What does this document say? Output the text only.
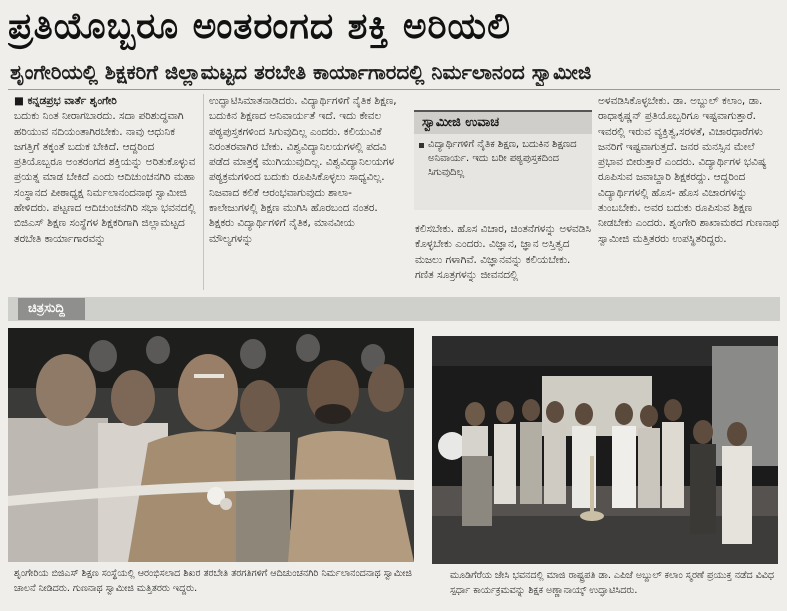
ಪ್ರತಿಯೊಬ್ಬರೂ ಅಂತರಂಗದ ಶಕ್ತಿ ಅರಿಯಲಿ
ಶೃಂಗೇರಿಯಲ್ಲಿ ಶಿಕ್ಷಕರಿಗೆ ಜಿಲ್ಲಾಮಟ್ಟದ ತರಬೇತಿ ಕಾರ್ಯಾಗಾರದಲ್ಲಿ ನಿರ್ಮಲಾನಂದ ಸ್ವಾಮೀಜಿ

■ ಕನ್ನಡಪ್ರಭ ವಾರ್ತೆ ಶೃಂಗೇರಿ

ಬದುಕು ನಿಂತ ನೀರಾಗಬಾರದು. ಸದಾ ಪರಿಶುದ್ಧವಾಗಿ ಹರಿಯುವ ನದಿಯಂತಾಗಿರಬೇಕು. ನಾವು ಆಧುನಿಕ ಜಗತ್ತಿಗೆ ತಕ್ಕಂತೆ ಬದುಕ ಬೇಕಿದೆ. ಆದ್ದರಿಂದ ಪ್ರತಿಯೊಬ್ಬರೂ ಅಂತರಂಗದ ಶಕ್ತಿಯನ್ನು ಅರಿತುಕೊಳ್ಳುವ ಪ್ರಯತ್ನ ಮಾಡ ಬೇಕಿದೆ ಎಂದು ಆದಿಚುಂಚನಗಿರಿ ಮಹಾ ಸಂಸ್ಥಾನದ ಪೀಠಾಧ್ಯಕ್ಷ ನಿರ್ಮಲಾನಂದನಾಥ ಸ್ವಾಮೀಜಿ ಹೇಳಿದರು. ಪಟ್ಟಣದ ಆದಿಚುಂಚನಗಿರಿ ಸಭಾ ಭವನದಲ್ಲಿ ಬಿಜಿಎಸ್ ಶಿಕ್ಷಣ ಸಂಸ್ಥೆಗಳ ಶಿಕ್ಷಕರಿಗಾಗಿ ಜಿಲ್ಲಾಮಟ್ಟದ ತರಬೇತಿ ಕಾರ್ಯಾಗಾರವನ್ನು

ಉದ್ಘಾಟಿಸಿಮಾತನಾಡಿದರು. ವಿದ್ಯಾರ್ಥಿಗಳಿಗೆ ನೈತಿಕ ಶಿಕ್ಷಣ, ಬದುಕಿನ ಶಿಕ್ಷಣದ ಅನಿವಾರ್ಯತೆ ಇದೆ. ಇದು ಕೇವಲ ಪಠ್ಯಪುಸ್ತಕಗಳಿಂದ ಸಿಗುವುದಿಲ್ಲ ಎಂದರು. ಕಲಿಯುವಿಕೆ ನಿರಂತರವಾಗಿರ ಬೇಕು. ವಿಶ್ವವಿದ್ಯಾನಿಲಯಗಳಲ್ಲಿ ಪದವಿ ಪಡೆದ ಮಾತ್ರಕ್ಕೆ ಮುಗಿಯುವುದಿಲ್ಲ. ವಿಶ್ವವಿದ್ಯಾನಿಲಯಗಳ ಪಠ್ಯಕ್ರಮಗಳಿಂದ ಬದುಕು ರೂಪಿಸಿಕೊಳ್ಳಲು ಸಾಧ್ಯವಿಲ್ಲ. ನಿಜವಾದ ಕಲಿಕೆ ಆರಂಭವಾಗುವುದು ಶಾಲಾ- ಕಾಲೇಜುಗಳಲ್ಲಿ ಶಿಕ್ಷಣ ಮುಗಿಸಿ ಹೊರಬಂದ ನಂತರ. ಶಿಕ್ಷಕರು ವಿದ್ಯಾರ್ಥಿಗಳಿಗೆ ನೈತಿಕ, ಮಾನವೀಯ ಮೌಲ್ಯಗಳನ್ನು

ಸ್ವಾಮೀಜಿ ಉವಾಚ
ವಿದ್ಯಾರ್ಥಿಗಳಿಗೆ ನೈತಿಕ ಶಿಕ್ಷಣ, ಬದುಕಿನ ಶಿಕ್ಷಣದ ಅನಿವಾರ್ಯ. ಇದು ಬರೀ ಪಠ್ಯಪುಸ್ತಕದಿಂದ ಸಿಗುವುದಿಲ್ಲ

ಕಲಿಸಬೇಕು. ಹೊಸ ವಿಚಾರ, ಚಿಂತನೆಗಳನ್ನು ಅಳವಡಿಸಿ ಕೊಳ್ಳಬೇಕು ಎಂದರು. ವಿಜ್ಞಾನ, ಜ್ಞಾನ ಅಸ್ತಿತ್ವದ ಮಜಲು ಗಳಾಗಿವೆ. ವಿಜ್ಞಾನವನ್ನು ಕಲಿಯಬೇಕು. ಗಣಿತ ಸೂತ್ರಗಳನ್ನು ಜೀವನದಲ್ಲಿ

ಅಳವಡಿಸಿಕೊಳ್ಳಬೇಕು. ಡಾ. ಅಬ್ದುಲ್ ಕಲಾಂ, ಡಾ. ರಾಧಾಕೃಷ್ಣನ್ ಪ್ರತಿಯೊಬ್ಬರಿಗೂ ಇಷ್ಟವಾಗುತ್ತಾರೆ. ಇವರಲ್ಲಿ ಇರುವ ವ್ಯಕ್ತಿತ್ವ,ಸರಳತೆ, ವಿಚಾರಧಾರೆಗಳು ಜನರಿಗೆ ಇಷ್ಟವಾಗುತ್ತದೆ. ಜನರ ಮನಸ್ಸಿನ ಮೇಲೆ ಪ್ರಭಾವ ಬೀರುತ್ತಾರೆ ಎಂದರು. ವಿದ್ಯಾರ್ಥಿಗಳ ಭವಿಷ್ಯ ರೂಪಿಸುವ ಜವಾಬ್ದಾರಿ ಶಿಕ್ಷಕರದ್ದು. ಆದ್ದರಿಂದ ವಿದ್ಯಾರ್ಥಿಗಳಲ್ಲಿ ಹೊಸ- ಹೊಸ ವಿಚಾರಗಳನ್ನು ತುಂಬಬೇಕು. ಅವರ ಬದುಕು ರೂಪಿಸುವ ಶಿಕ್ಷಣ ನೀಡಬೇಕು ಎಂದರು. ಶೃಂಗೇರಿ ಶಾಖಾಮಠದ ಗುಣನಾಥ ಸ್ವಾಮೀಜಿ ಮತ್ತಿತರರು ಉಪಸ್ಥಿತರಿದ್ದರು.

ಚಿತ್ರಸುದ್ದಿ
ಶೃಂಗೇರಿಯ ಬಿಜಿಎಸ್ ಶಿಕ್ಷಣ ಸಂಸ್ಥೆಯಲ್ಲಿ ಆರಂಭಿಸಲಾದ ಶಿಖರ ತರಬೇತಿ ತರಗತಿಗಳಿಗೆ ಆದಿಚುಂಚನಗಿರಿ ನಿರ್ಮಲಾನಂದನಾಥ ಸ್ವಾಮೀಜಿ ಚಾಲನೆ ನೀಡಿದರು. ಗುಣನಾಥ ಸ್ವಾಮೀಜಿ ಮತ್ತಿತರರು ಇದ್ದರು.
ಮೂಡಿಗೆರೆಯ ಜೇಸಿ ಭವನದಲ್ಲಿ ಮಾಜಿ ರಾಷ್ಟ್ರಪತಿ ಡಾ. ಎಪಿಜೆ ಅಬ್ದುಲ್ ಕಲಾಂ ಸ್ಮರಣೆ ಪ್ರಯುಕ್ತ ನಡೆದ ವಿವಿಧ ಸ್ಪರ್ಧಾ ಕಾರ್ಯಕ್ರಮವನ್ನು ಶಿಕ್ಷಕ ಅಣ್ಣಾನಾಯ್ಕ್ ಉದ್ಘಾಟಿಸಿದರು.
